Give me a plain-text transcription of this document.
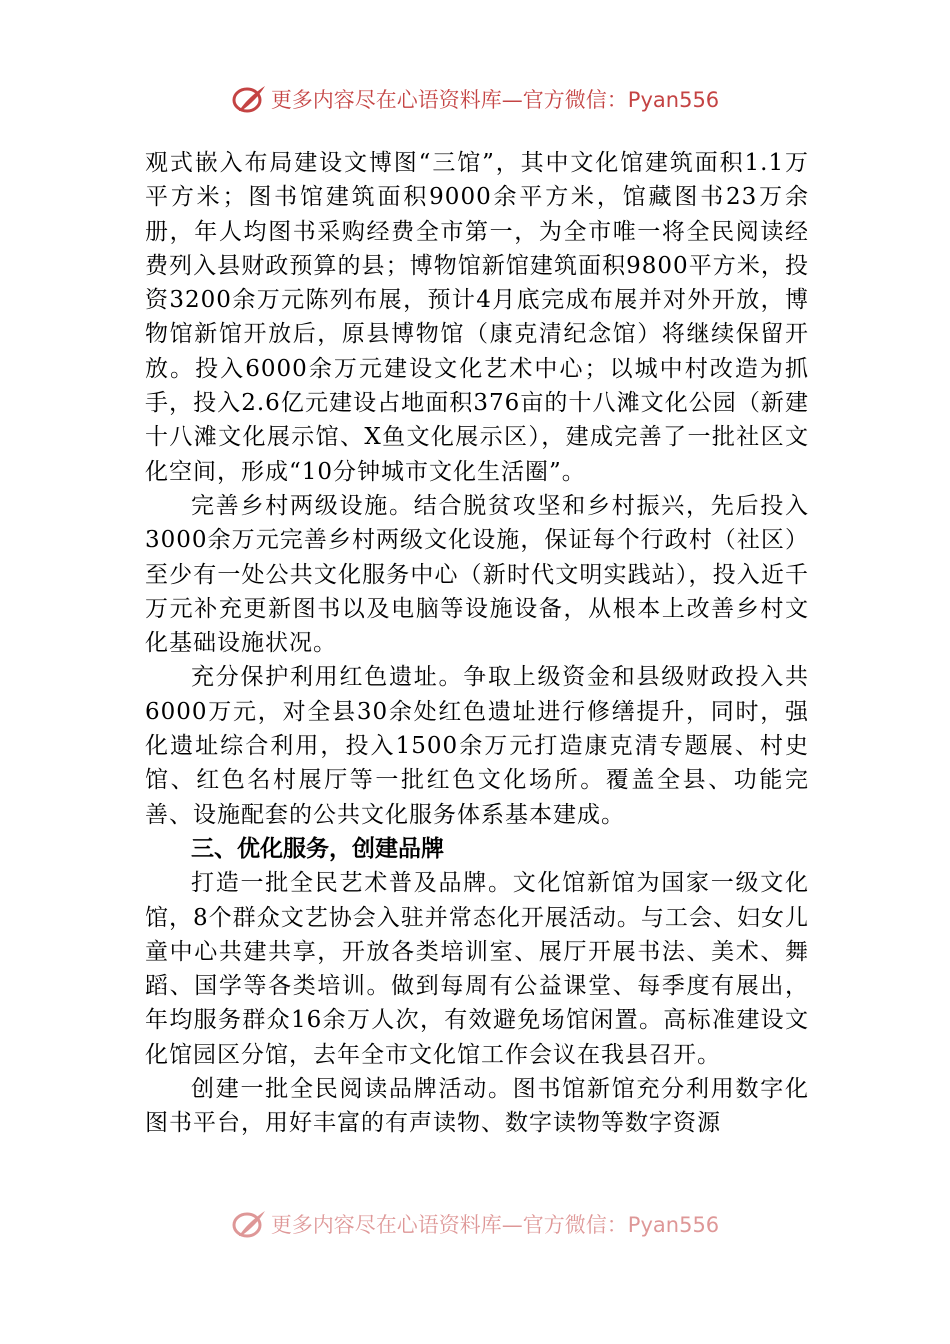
更多内容尽在心语资料库—官方微信：Pyan556

观式嵌入布局建设文博图“三馆”，其中文化馆建筑面积1.1万平方米；图书馆建筑面积9000余平方米，馆藏图书23万余册，年人均图书采购经费全市第一，为全市唯一将全民阅读经费列入县财政预算的县；博物馆新馆建筑面积9800平方米，投资3200余万元陈列布展，预计4月底完成布展并对外开放，博物馆新馆开放后，原县博物馆（康克清纪念馆）将继续保留开放。投入6000余万元建设文化艺术中心；以城中村改造为抓手，投入2.6亿元建设占地面积376亩的十八滩文化公园（新建十八滩文化展示馆、X鱼文化展示区），建成完善了一批社区文化空间，形成“10分钟城市文化生活圈”。

完善乡村两级设施。结合脱贫攻坚和乡村振兴，先后投入3000余万元完善乡村两级文化设施，保证每个行政村（社区）至少有一处公共文化服务中心（新时代文明实践站），投入近千万元补充更新图书以及电脑等设施设备，从根本上改善乡村文化基础设施状况。

充分保护利用红色遗址。争取上级资金和县级财政投入共6000万元，对全县30余处红色遗址进行修缮提升，同时，强化遗址综合利用，投入1500余万元打造康克清专题展、村史馆、红色名村展厅等一批红色文化场所。覆盖全县、功能完善、设施配套的公共文化服务体系基本建成。

三、优化服务，创建品牌

打造一批全民艺术普及品牌。文化馆新馆为国家一级文化馆，8个群众文艺协会入驻并常态化开展活动。与工会、妇女儿童中心共建共享，开放各类培训室、展厅开展书法、美术、舞蹈、国学等各类培训。做到每周有公益课堂、每季度有展出，年均服务群众16余万人次，有效避免场馆闲置。高标准建设文化馆园区分馆，去年全市文化馆工作会议在我县召开。

创建一批全民阅读品牌活动。图书馆新馆充分利用数字化图书平台，用好丰富的有声读物、数字读物等数字资源

更多内容尽在心语资料库—官方微信：Pyan556
